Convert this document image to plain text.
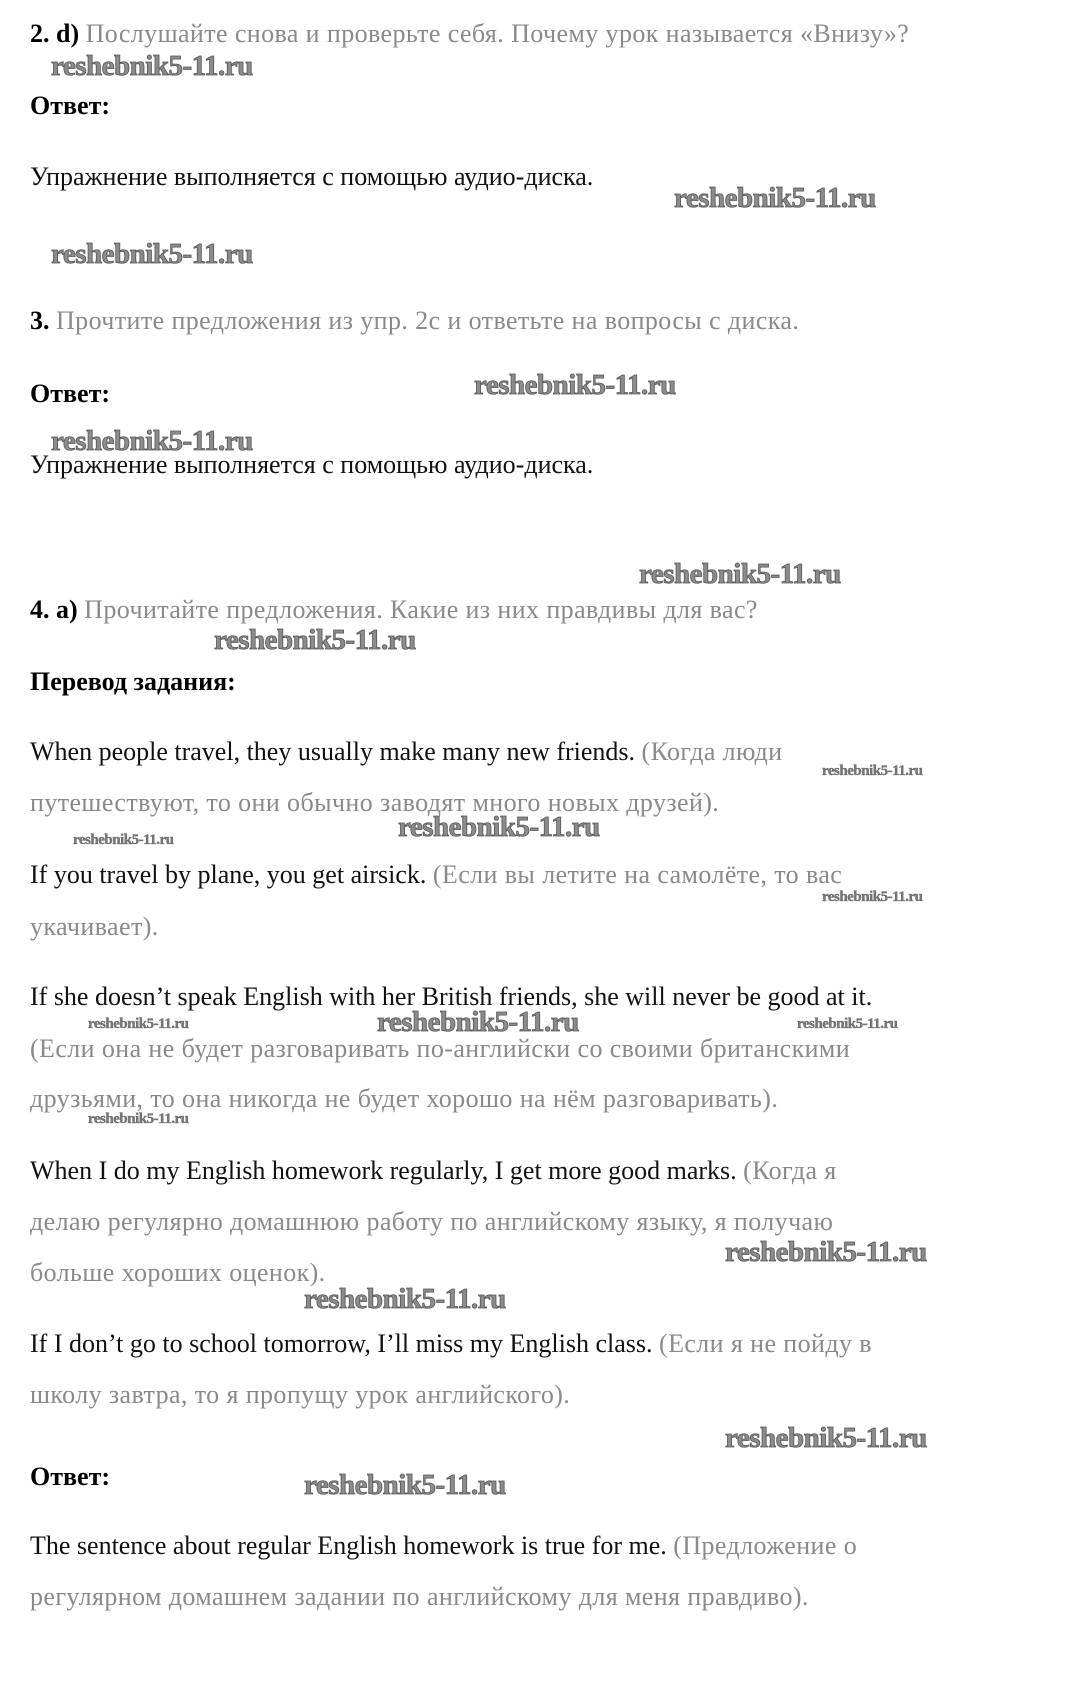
2. d) Послушайте снова и проверьте себя. Почему урок называется «Внизу»?
Ответ:
Упражнение выполняется с помощью аудио-диска.
3. Прочтите предложения из упр. 2c и ответьте на вопросы с диска.
Ответ:
Упражнение выполняется с помощью аудио-диска.
4. a) Прочитайте предложения. Какие из них правдивы для вас?
Перевод задания:
When people travel, they usually make many new friends. (Когда люди
путешествуют, то они обычно заводят много новых друзей).
If you travel by plane, you get airsick. (Если вы летите на самолёте, то вас
укачивает).
If she doesn’t speak English with her British friends, she will never be good at it.
(Если она не будет разговаривать по-английски со своими британскими
друзьями, то она никогда не будет хорошо на нём разговаривать).
When I do my English homework regularly, I get more good marks. (Когда я
делаю регулярно домашнюю работу по английскому языку, я получаю
больше хороших оценок).
If I don’t go to school tomorrow, I’ll miss my English class. (Если я не пойду в
школу завтра, то я пропущу урок английского).
Ответ:
The sentence about regular English homework is true for me. (Предложение о
регулярном домашнем задании по английскому для меня правдиво).
reshebnik5-11.ru
reshebnik5-11.ru
reshebnik5-11.ru
reshebnik5-11.ru
reshebnik5-11.ru
reshebnik5-11.ru
reshebnik5-11.ru
reshebnik5-11.ru
reshebnik5-11.ru
reshebnik5-11.ru
reshebnik5-11.ru
reshebnik5-11.ru	reshebnik5-11.ru	reshebnik5-11.ru
reshebnik5-11.ru
reshebnik5-11.ru
reshebnik5-11.ru
reshebnik5-11.ru
reshebnik5-11.ru
